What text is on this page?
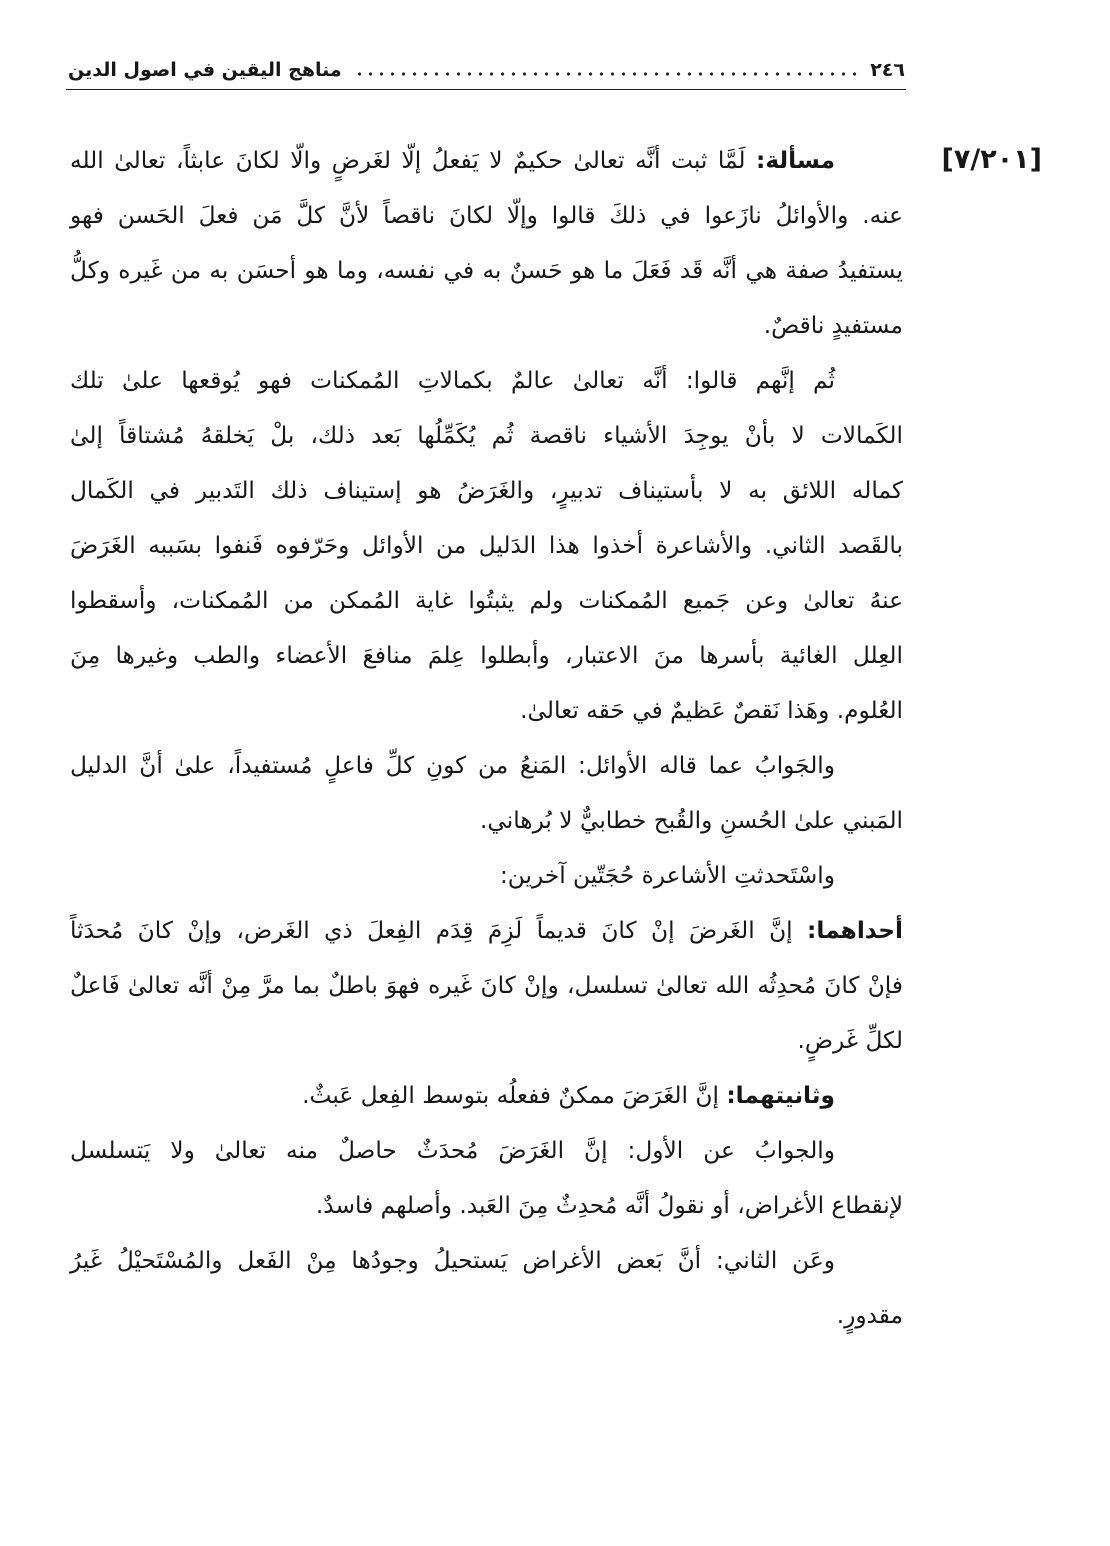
٢٤٦
مناهج اليقين في اصول الدين
[٧/٢٠١]
مسألة: لَمَّا ثبت أنَّه تعالىٰ حكيمٌ لا يَفعلُ إلّا لغَرضٍ والّا لكانَ عابثاً، تعالىٰ الله
عنه. والأوائلُ نازَعوا في ذلكَ قالوا وإلّا لكانَ ناقصاً لأنَّ كلَّ مَن فعلَ الحَسن فهو
يستفيدُ صفة هي أنَّه قَد فَعَلَ ما هو حَسنٌ به في نفسه، وما هو أحسَن به من غَيره وكلُّ
مستفيدٍ ناقصٌ.
ثُم إنَّهم قالوا: أنَّه تعالىٰ عالمٌ بكمالاتِ المُمكنات فهو يُوقعها علىٰ تلك
الكَمالات لا بأنْ يوجِدَ الأشياء ناقصة ثُم يُكَمِّلُها بَعد ذلك، بلْ يَخلقهُ مُشتاقاً إلىٰ
كماله اللائق به لا بأستيناف تدبيرٍ، والغَرَضُ هو إستيناف ذلك التَدبير في الكَمال
بالقَصد الثاني. والأشاعرة أخذوا هذا الدَليل من الأوائل وحَرّفوه فَنفوا بسَببه الغَرَضَ
عنهُ تعالىٰ وعن جَميع المُمكنات ولم يثبتُوا غاية المُمكن من المُمكنات، وأسقطوا
العِلل الغائية بأسرها منَ الاعتبار، وأبطلوا عِلمَ منافعَ الأعضاء والطب وغيرها مِنَ
العُلوم. وهَذا نَقصٌ عَظيمٌ في حَقه تعالىٰ.
والجَوابُ عما قاله الأوائل: المَنعُ من كونِ كلِّ فاعلٍ مُستفيداً، علىٰ أنَّ الدليل
المَبني علىٰ الحُسنِ والقُبح خطابيٌّ لا بُرهاني.
واسْتَحدثتِ الأشاعرة حُجَتّين آخرين:
أحداهما: إنَّ الغَرضَ إنْ كانَ قديماً لَزِمَ قِدَم الفِعلَ ذي الغَرض، وإنْ كانَ مُحدَثاً
فإنْ كانَ مُحدِثُه الله تعالىٰ تسلسل، وإنْ كانَ غَيره فهوَ باطلٌ بما مرَّ مِنْ أنَّه تعالىٰ فَاعلٌ
لكلِّ غَرضٍ.
وثانيتهما: إنَّ الغَرَضَ ممكنٌ ففعلُه بتوسط الفِعل عَبثٌ.
والجوابُ عن الأول: إنَّ الغَرَضَ مُحدَثٌ حاصلٌ منه تعالىٰ ولا يَتسلسل
لإنقطاع الأغراض، أو نقولُ أنَّه مُحدِثٌ مِنَ العَبد. وأصلهم فاسدٌ.
وعَن الثاني: أنَّ بَعض الأغراض يَستحيلُ وجودُها مِنْ الفَعل والمُسْتَحيْلُ غَيرُ
مقدورٍ.
